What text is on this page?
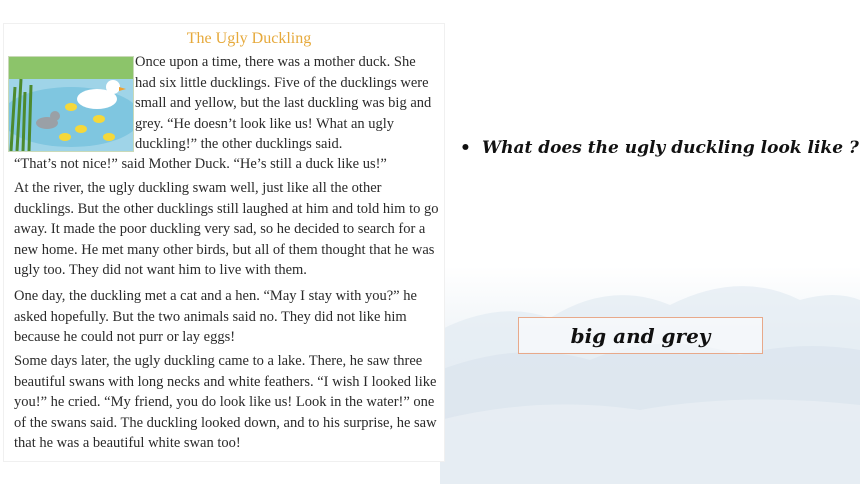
The Ugly Duckling

Once upon a time, there was a mother duck. She had six little ducklings. Five of the ducklings were small and yellow, but the last duckling was big and grey. “He doesn’t look like us! What an ugly duckling!” the other ducklings said.

“That’s not nice!” said Mother Duck. “He’s still a duck like us!”

At the river, the ugly duckling swam well, just like all the other ducklings. But the other ducklings still laughed at him and told him to go away. It made the poor duckling very sad, so he decided to search for a new home. He met many other birds, but all of them thought that he was ugly too. They did not want him to live with them.

One day, the duckling met a cat and a hen. “May I stay with you?” he asked hopefully. But the two animals said no. They did not like him because he could not purr or lay eggs!

Some days later, the ugly duckling came to a lake. There, he saw three beautiful swans with long necks and white feathers. “I wish I looked like you!” he cried. “My friend, you do look like us! Look in the water!” one of the swans said. The duckling looked down, and to his surprise, he saw that he was a beautiful white swan too!

• What does the ugly duckling look like ?
big and grey
